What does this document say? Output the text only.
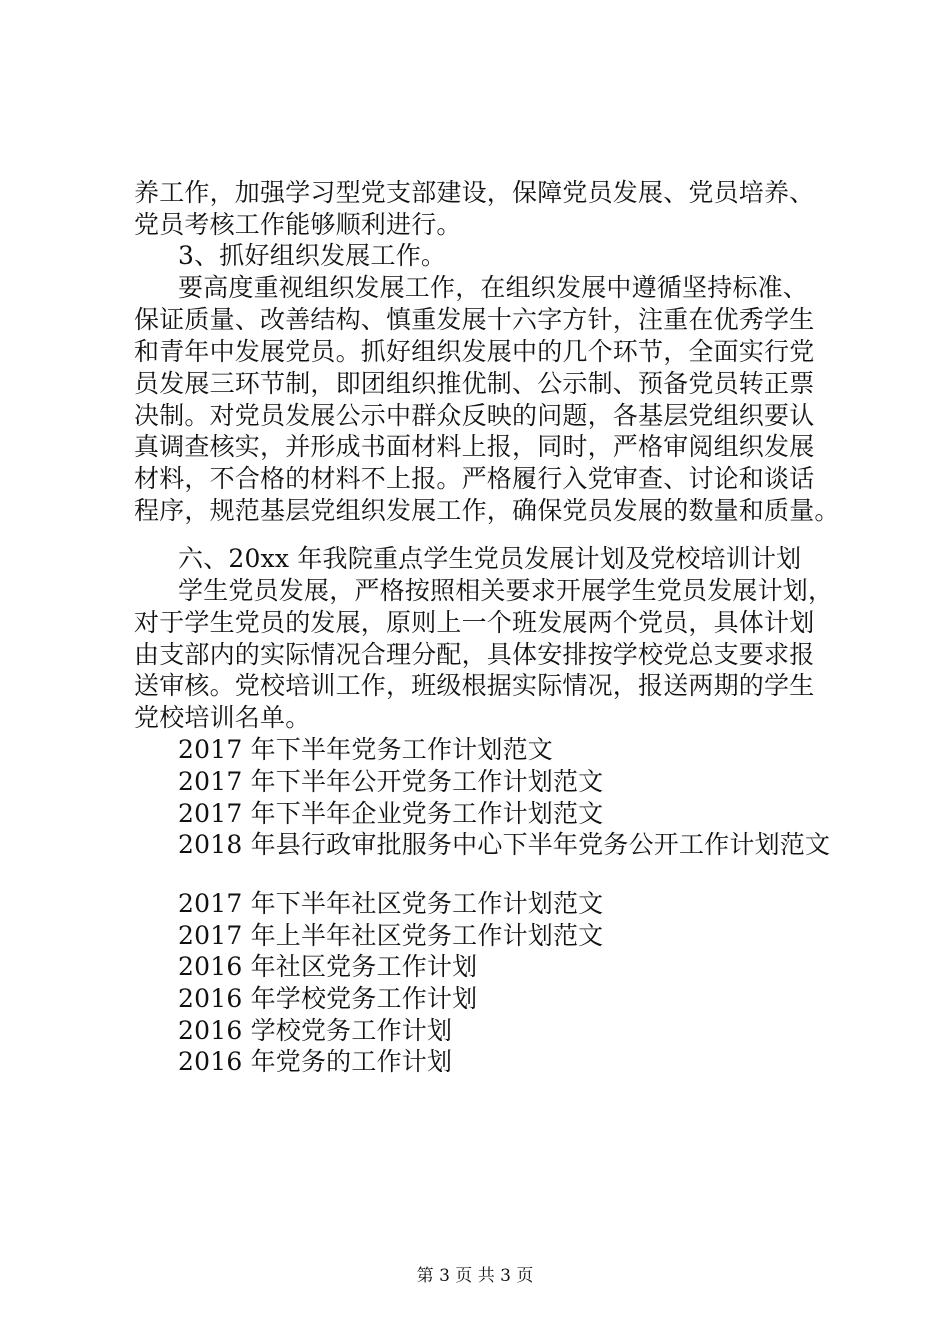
养工作，加强学习型党支部建设，保障党员发展、党员培养、
党员考核工作能够顺利进行。
3、抓好组织发展工作。
要高度重视组织发展工作，在组织发展中遵循坚持标准、
保证质量、改善结构、慎重发展十六字方针，注重在优秀学生
和青年中发展党员。抓好组织发展中的几个环节，全面实行党
员发展三环节制，即团组织推优制、公示制、预备党员转正票
决制。对党员发展公示中群众反映的问题，各基层党组织要认
真调查核实，并形成书面材料上报，同时，严格审阅组织发展
材料，不合格的材料不上报。严格履行入党审查、讨论和谈话
程序，规范基层党组织发展工作，确保党员发展的数量和质量。
六、20xx 年我院重点学生党员发展计划及党校培训计划
学生党员发展，严格按照相关要求开展学生党员发展计划，
对于学生党员的发展，原则上一个班发展两个党员，具体计划
由支部内的实际情况合理分配，具体安排按学校党总支要求报
送审核。党校培训工作，班级根据实际情况，报送两期的学生
党校培训名单。
2017 年下半年党务工作计划范文
2017 年下半年公开党务工作计划范文
2017 年下半年企业党务工作计划范文
2018 年县行政审批服务中心下半年党务公开工作计划范文
2017 年下半年社区党务工作计划范文
2017 年上半年社区党务工作计划范文
2016 年社区党务工作计划
2016 年学校党务工作计划
2016 学校党务工作计划
2016 年党务的工作计划
第 3 页 共 3 页
